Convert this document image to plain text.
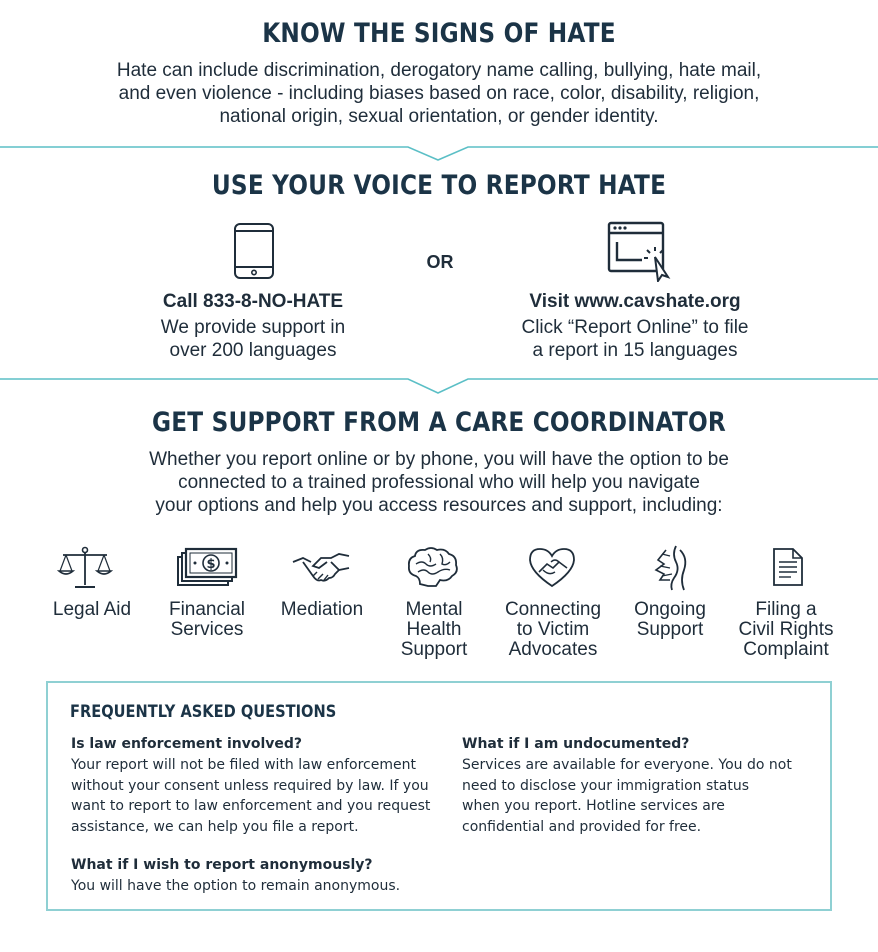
KNOW THE SIGNS OF HATE
Hate can include discrimination, derogatory name calling, bullying, hate mail,
and even violence - including biases based on race, color, disability, religion,
national origin, sexual orientation, or gender identity.
USE YOUR VOICE TO REPORT HATE
OR
Call 833-8-NO-HATE
We provide support in
over 200 languages
Visit www.cavshate.org
Click “Report Online” to file
a report in 15 languages
GET SUPPORT FROM A CARE COORDINATOR
Whether you report online or by phone, you will have the option to be
connected to a trained professional who will help you navigate
your options and help you access resources and support, including:
$
Legal Aid	Financial
Services
Mediation	Mental
Health
Support
Connecting
to Victim
Advocates
Ongoing
Support
Filing a
Civil Rights
Complaint
FREQUENTLY ASKED QUESTIONS
Is law enforcement involved?
Your report will not be filed with law enforcement
without your consent unless required by law. If you
want to report to law enforcement and you request
assistance, we can help you file a report.
What if I am undocumented?
Services are available for everyone. You do not
need to disclose your immigration status
when you report. Hotline services are
confidential and provided for free.
What if I wish to report anonymously?
You will have the option to remain anonymous.
